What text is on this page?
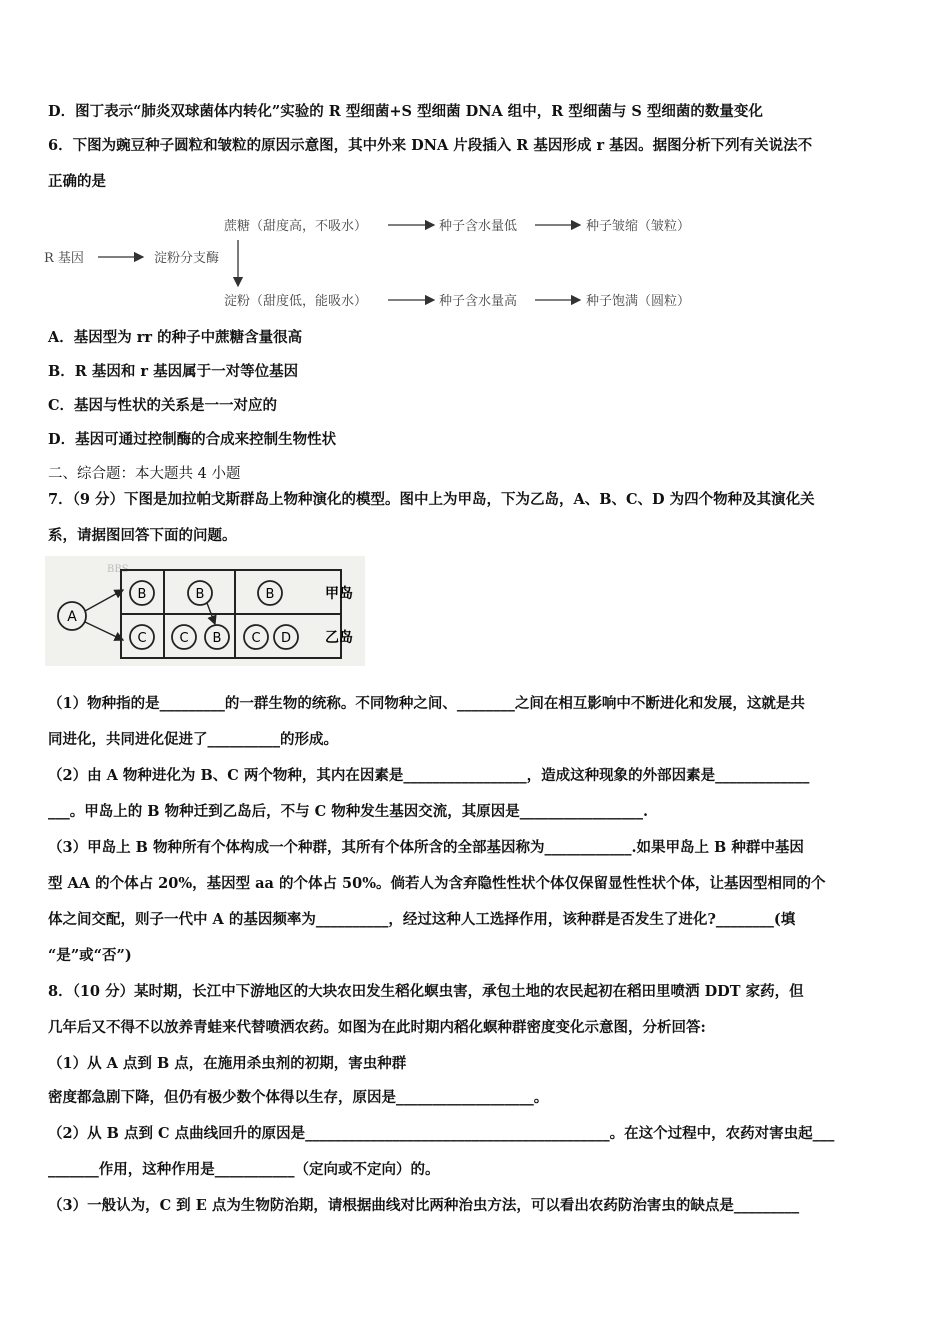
D．图丁表示“肺炎双球菌体内转化”实验的 R 型细菌+S 型细菌 DNA 组中，R 型细菌与 S 型细菌的数量变化
6．下图为豌豆种子圆粒和皱粒的原因示意图，其中外来 DNA 片段插入 R 基因形成 r 基因。据图分析下列有关说法不
正确的是
R 基因	淀粉分支酶
蔗糖（甜度高，不吸水）	种子含水量低	种子皱缩（皱粒）
淀粉（甜度低，能吸水）	种子含水量高	种子饱满（圆粒）
A．基因型为 rr 的种子中蔗糖含量很高
B．R 基因和 r 基因属于一对等位基因
C．基因与性状的关系是一一对应的
D．基因可通过控制酶的合成来控制生物性状
二、综合题：本大题共 4 小题
7．（9 分）下图是加拉帕戈斯群岛上物种演化的模型。图中上为甲岛，下为乙岛，A、B、C、D 为四个物种及其演化关
系，请据图回答下面的问题。
BBS
A
B	B	B
C	C B C D
甲岛
乙岛
（1）物种指的是_________的一群生物的统称。不同物种之间、________之间在相互影响中不断进化和发展，这就是共
同进化，共同进化促进了__________的形成。
（2）由 A 物种进化为 B、C 两个物种，其内在因素是_________________，造成这种现象的外部因素是_____________
___。甲岛上的 B 物种迁到乙岛后，不与 C 物种发生基因交流，其原因是_________________.
（3）甲岛上 B 物种所有个体构成一个种群，其所有个体所含的全部基因称为____________.如果甲岛上 B 种群中基因
型 AA 的个体占 20%，基因型 aa 的个体占 50%。倘若人为含弃隐性性状个体仅保留显性性状个体，让基因型相同的个
体之间交配，则子一代中 A 的基因频率为__________，经过这种人工选择作用，该种群是否发生了进化?________(填
“是”或“否”)
8．（10 分）某时期，长江中下游地区的大块农田发生稻化螟虫害，承包土地的农民起初在稻田里喷洒 DDT 家药，但
几年后又不得不以放养青蛙来代替喷洒农药。如图为在此时期内稻化螟种群密度变化示意图，分析回答:
（1）从 A 点到 B 点，在施用杀虫剂的初期，害虫种群
密度都急剧下降，但仍有极少数个体得以生存，原因是___________________。
（2）从 B 点到 C 点曲线回升的原因是__________________________________________。在这个过程中，农药对害虫起___
_______作用，这种作用是___________（定向或不定向）的。
（3）一般认为，C 到 E 点为生物防治期，请根据曲线对比两种治虫方法，可以看出农药防治害虫的缺点是_________
